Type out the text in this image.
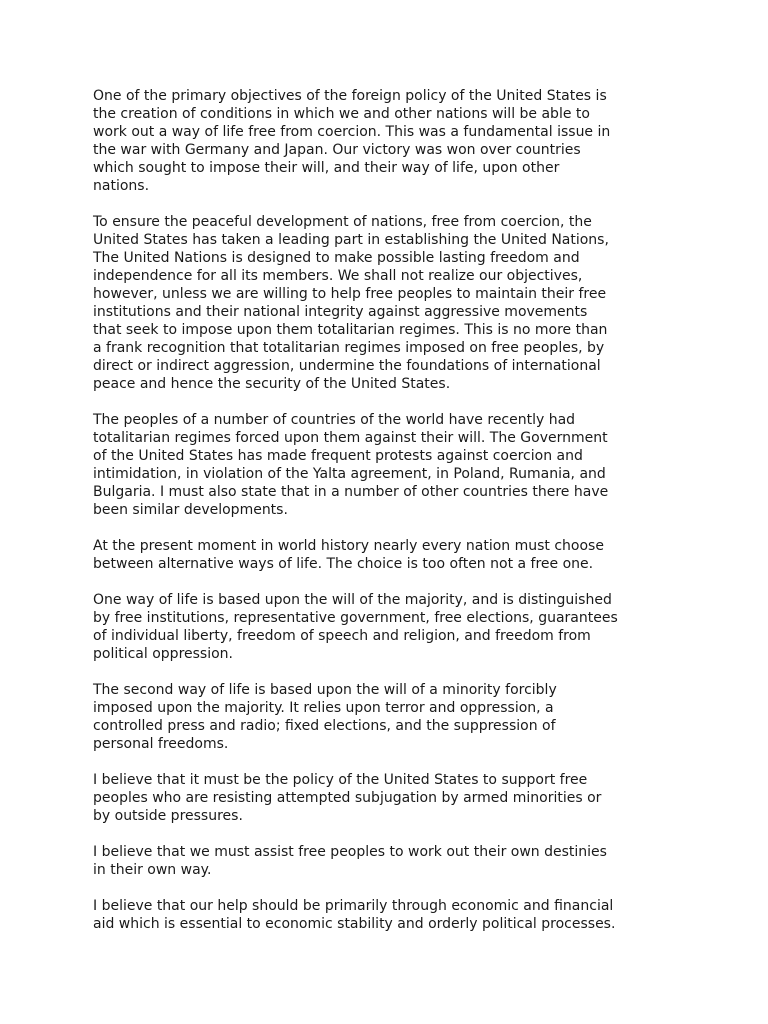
One of the primary objectives of the foreign policy of the United States is
the creation of conditions in which we and other nations will be able to
work out a way of life free from coercion. This was a fundamental issue in
the war with Germany and Japan. Our victory was won over countries
which sought to impose their will, and their way of life, upon other
nations.

To ensure the peaceful development of nations, free from coercion, the
United States has taken a leading part in establishing the United Nations,
The United Nations is designed to make possible lasting freedom and
independence for all its members. We shall not realize our objectives,
however, unless we are willing to help free peoples to maintain their free
institutions and their national integrity against aggressive movements
that seek to impose upon them totalitarian regimes. This is no more than
a frank recognition that totalitarian regimes imposed on free peoples, by
direct or indirect aggression, undermine the foundations of international
peace and hence the security of the United States.

The peoples of a number of countries of the world have recently had
totalitarian regimes forced upon them against their will. The Government
of the United States has made frequent protests against coercion and
intimidation, in violation of the Yalta agreement, in Poland, Rumania, and
Bulgaria. I must also state that in a number of other countries there have
been similar developments.

At the present moment in world history nearly every nation must choose
between alternative ways of life. The choice is too often not a free one.

One way of life is based upon the will of the majority, and is distinguished
by free institutions, representative government, free elections, guarantees
of individual liberty, freedom of speech and religion, and freedom from
political oppression.

The second way of life is based upon the will of a minority forcibly
imposed upon the majority. It relies upon terror and oppression, a
controlled press and radio; fixed elections, and the suppression of
personal freedoms.

I believe that it must be the policy of the United States to support free
peoples who are resisting attempted subjugation by armed minorities or
by outside pressures.

I believe that we must assist free peoples to work out their own destinies
in their own way.

I believe that our help should be primarily through economic and financial
aid which is essential to economic stability and orderly political processes.
